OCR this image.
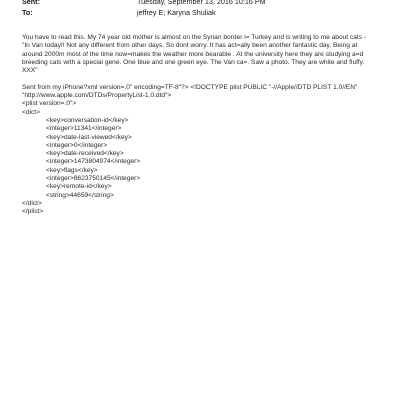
Sent:	Tuesday, September 13, 2016 10:16 PM
To:	jeffrey E; Karyna Shuliak

You have to read this. My 74 year old mother is almost on the Syrian border i= Turkey and is writing to me about cats -
"In Van today!! Not any different from other days. So dont worry. It has act=ally been another fantastic day. Being at
around 2000m most of the time now=makes the weather more bearable . At the university here they are studying a=d
breeding cats with a special gene. One blue and one green eye. The Van ca=. Saw a photo. They are white and fluffy.
XXX"

Sent from my iPhone?xml version=.0" encoding=TF-8"?> <!DOCTYPE plist PUBLIC "-//Apple//DTD PLIST 1.0//EN"
"http://www.apple.com/DTDs/PropertyList-1.0.dtd">

<plist version=.0">
<dict>
<key>conversation-id</key>
<integer>11341</integer>
<key>date-last-viewed</key>
<integer>0</integer>
<key>date-received</key>
<integer>1473804974</integer>
<key>flags</key>
<integer>8623750145</integer>
<key>remote-id</key>
<string>44659</string>
</dict>
</plist>
